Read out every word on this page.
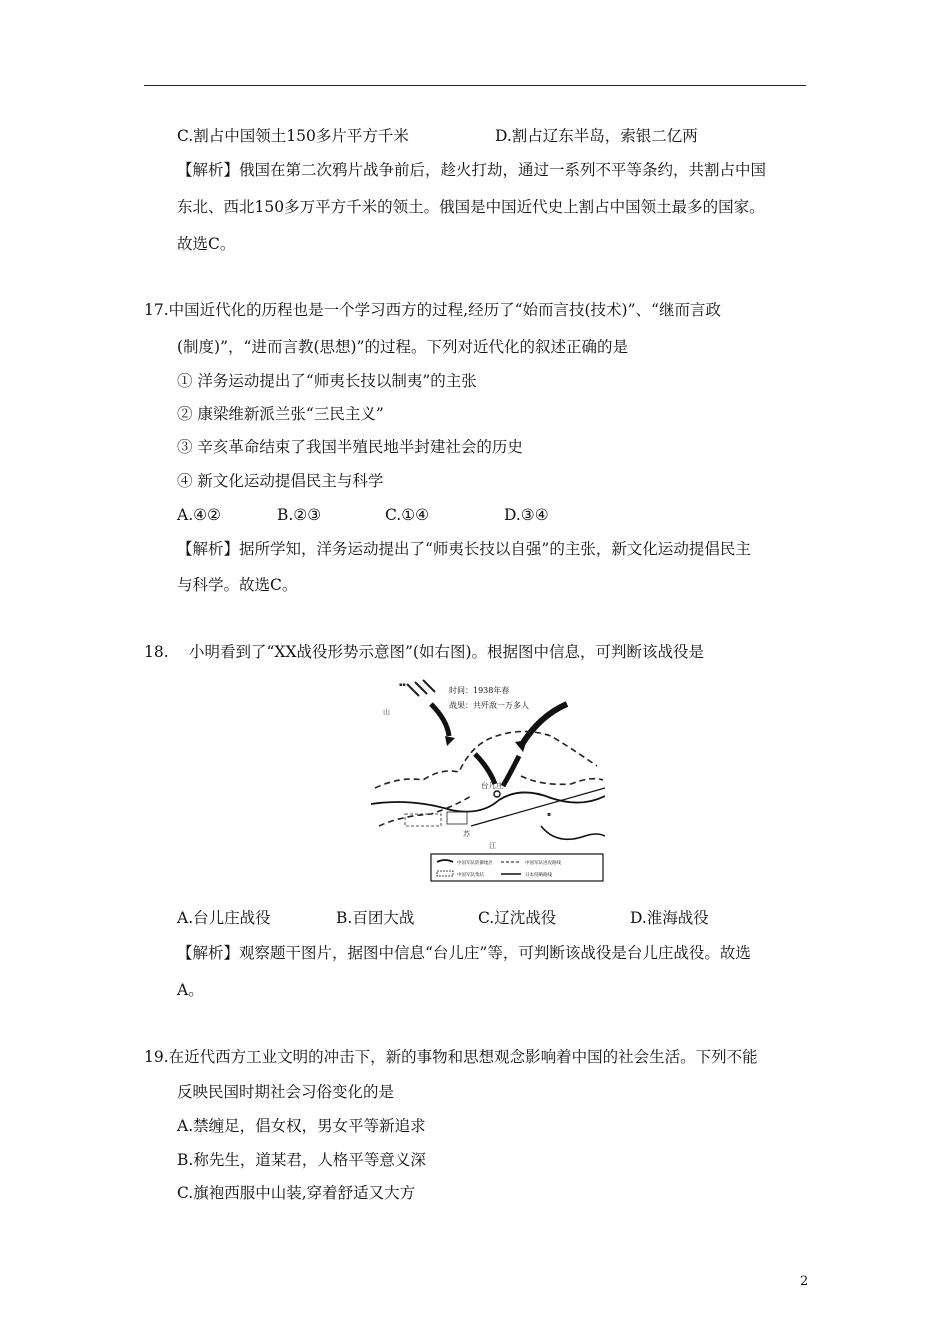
C.割占中国领土150多片平方千米	D.割占辽东半岛，索银二亿两
【解析】俄国在第二次鸦片战争前后，趁火打劫，通过一系列不平等条约，共割占中国
东北、西北150多万平方千米的领土。俄国是中国近代史上割占中国领土最多的国家。
故选C。
17.中国近代化的历程也是一个学习西方的过程,经历了“始而言技(技术)”、“继而言政
(制度)”，“进而言教(思想)”的过程。下列对近代化的叙述正确的是
① 洋务运动提出了“师夷长技以制夷”的主张
② 康梁维新派兰张“三民主义”
③ 辛亥革命结束了我国半殖民地半封建社会的历史
④ 新文化运动提倡民主与科学
A.④②	B.②③	C.①④	D.③④
【解析】据所学知，洋务运动提出了“师夷长技以自强”的主张，新文化运动提倡民主
与科学。故选C。
18. 小明看到了“XX战役形势示意图”(如右图)。根据图中信息，可判断该战役是
▪▪
山
时间：1938年春
战果：共歼敌一万多人
台儿庄
苏
江
▪
中国军队防御地区	中国军队进攻路线
中国军队集结	日本侵略路线
A.台儿庄战役	B.百团大战	C.辽沈战役	D.淮海战役
【解析】观察题干图片，据图中信息“台儿庄”等，可判断该战役是台儿庄战役。故选
A。
19.在近代西方工业文明的冲击下，新的事物和思想观念影响着中国的社会生活。下列不能
反映民国时期社会习俗变化的是
A.禁缠足，倡女权，男女平等新追求
B.称先生，道某君，人格平等意义深
C.旗袍西服中山装,穿着舒适又大方
2
